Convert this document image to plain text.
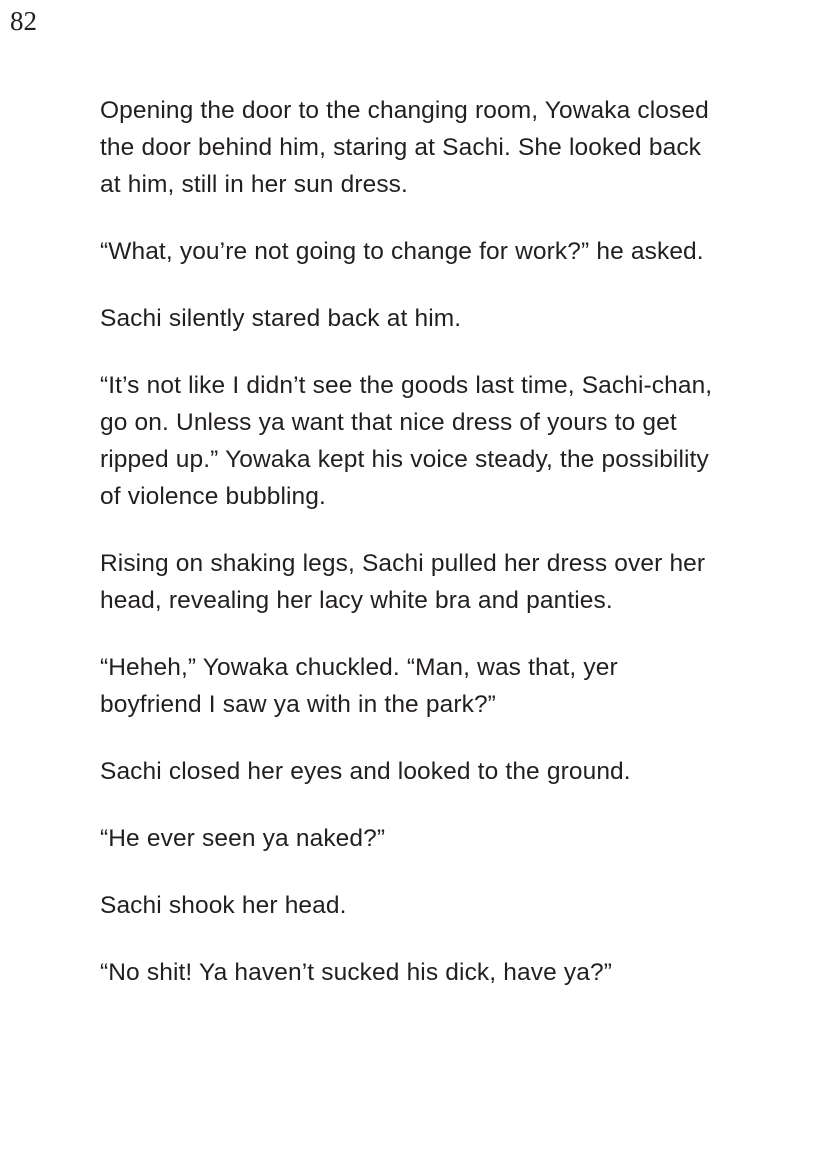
82

Opening the door to the changing room, Yowaka closed the door behind him, staring at Sachi. She looked back at him, still in her sun dress.

“What, you’re not going to change for work?” he asked.

Sachi silently stared back at him.

“It’s not like I didn’t see the goods last time, Sachi-chan, go on. Unless ya want that nice dress of yours to get ripped up.” Yowaka kept his voice steady, the possibility of violence bubbling.

Rising on shaking legs, Sachi pulled her dress over her head, revealing her lacy white bra and panties.

“Heheh,” Yowaka chuckled. “Man, was that, yer boyfriend I saw ya with in the park?”

Sachi closed her eyes and looked to the ground.

“He ever seen ya naked?”

Sachi shook her head.

“No shit! Ya haven’t sucked his dick, have ya?”
